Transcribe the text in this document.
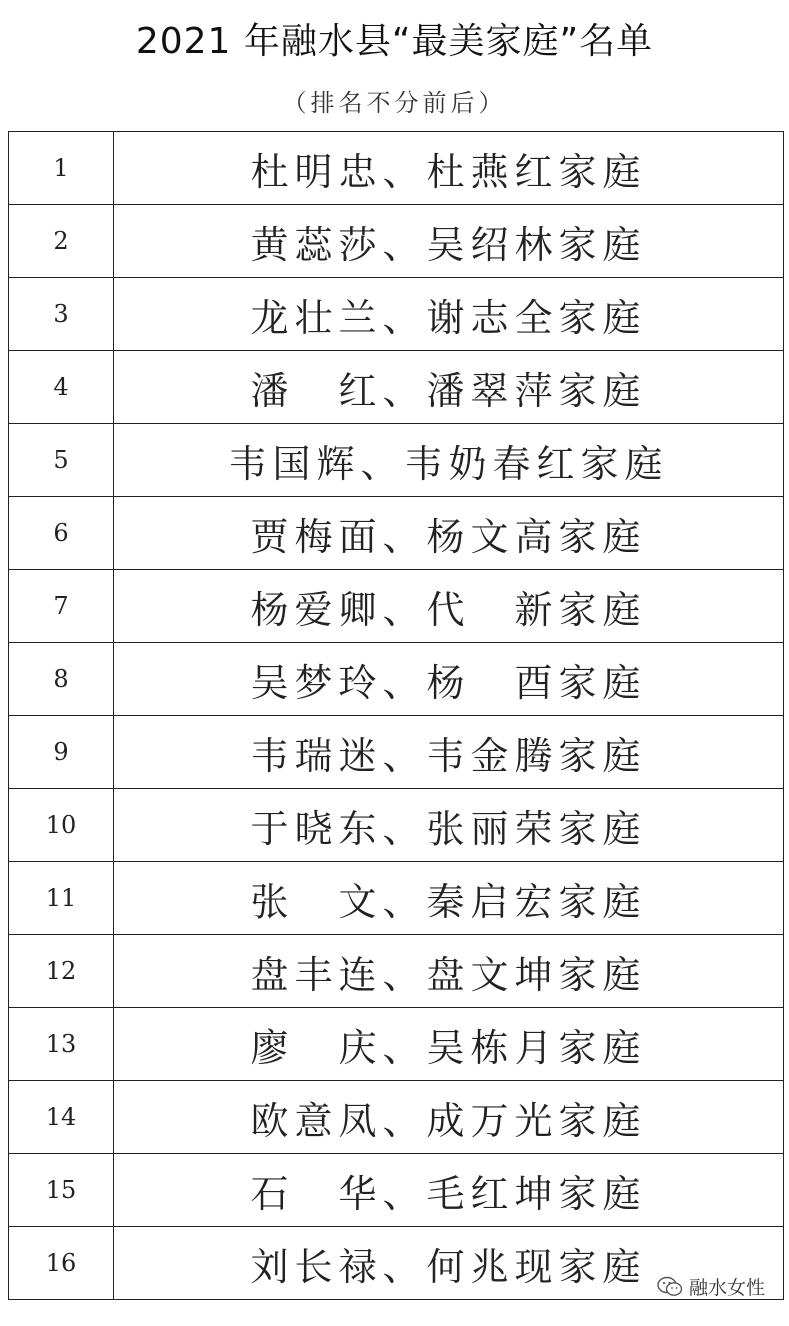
2021 年融水县“最美家庭”名单
（排名不分前后）
1	杜明忠、杜燕红家庭
2	黄蕊莎、吴绍林家庭
3	龙壮兰、谢志全家庭
4	潘　红、潘翠萍家庭
5	韦国辉、韦奶春红家庭
6	贾梅面、杨文高家庭
7	杨爱卿、代　新家庭
8	吴梦玲、杨　酉家庭
9	韦瑞迷、韦金腾家庭
10	于晓东、张丽荣家庭
11	张　文、秦启宏家庭
12	盘丰连、盘文坤家庭
13	廖　庆、吴栋月家庭
14	欧意凤、成万光家庭
15	石　华、毛红坤家庭
16	刘长禄、何兆现家庭 融水女性
